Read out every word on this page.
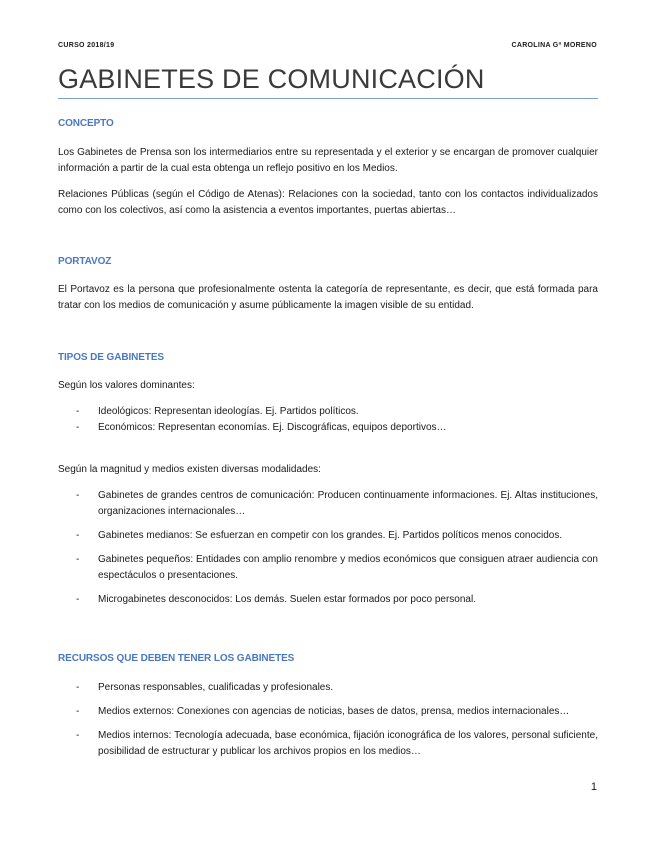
CURSO 2018/19	CAROLINA Gª MORENO
GABINETES DE COMUNICACIÓN
CONCEPTO
Los Gabinetes de Prensa son los intermediarios entre su representada y el exterior y se encargan de promover cualquier información a partir de la cual esta obtenga un reflejo positivo en los Medios.
Relaciones Públicas (según el Código de Atenas): Relaciones con la sociedad, tanto con los contactos individualizados como con los colectivos, así como la asistencia a eventos importantes, puertas abiertas…
PORTAVOZ
El Portavoz es la persona que profesionalmente ostenta la categoría de representante, es decir, que está formada para tratar con los medios de comunicación y asume públicamente la imagen visible de su entidad.
TIPOS DE GABINETES
Según los valores dominantes:
- Ideológicos: Representan ideologías. Ej. Partidos políticos.
- Económicos: Representan economías. Ej. Discográficas, equipos deportivos…
Según la magnitud y medios existen diversas modalidades:
- Gabinetes de grandes centros de comunicación: Producen continuamente informaciones. Ej. Altas instituciones, organizaciones internacionales…
- Gabinetes medianos: Se esfuerzan en competir con los grandes. Ej. Partidos políticos menos conocidos.
- Gabinetes pequeños: Entidades con amplio renombre y medios económicos que consiguen atraer audiencia con espectáculos o presentaciones.
- Microgabinetes desconocidos: Los demás. Suelen estar formados por poco personal.
RECURSOS QUE DEBEN TENER LOS GABINETES
- Personas responsables, cualificadas y profesionales.
- Medios externos: Conexiones con agencias de noticias, bases de datos, prensa, medios internacionales…
- Medios internos: Tecnología adecuada, base económica, fijación iconográfica de los valores, personal suficiente, posibilidad de estructurar y publicar los archivos propios en los medios…
1
